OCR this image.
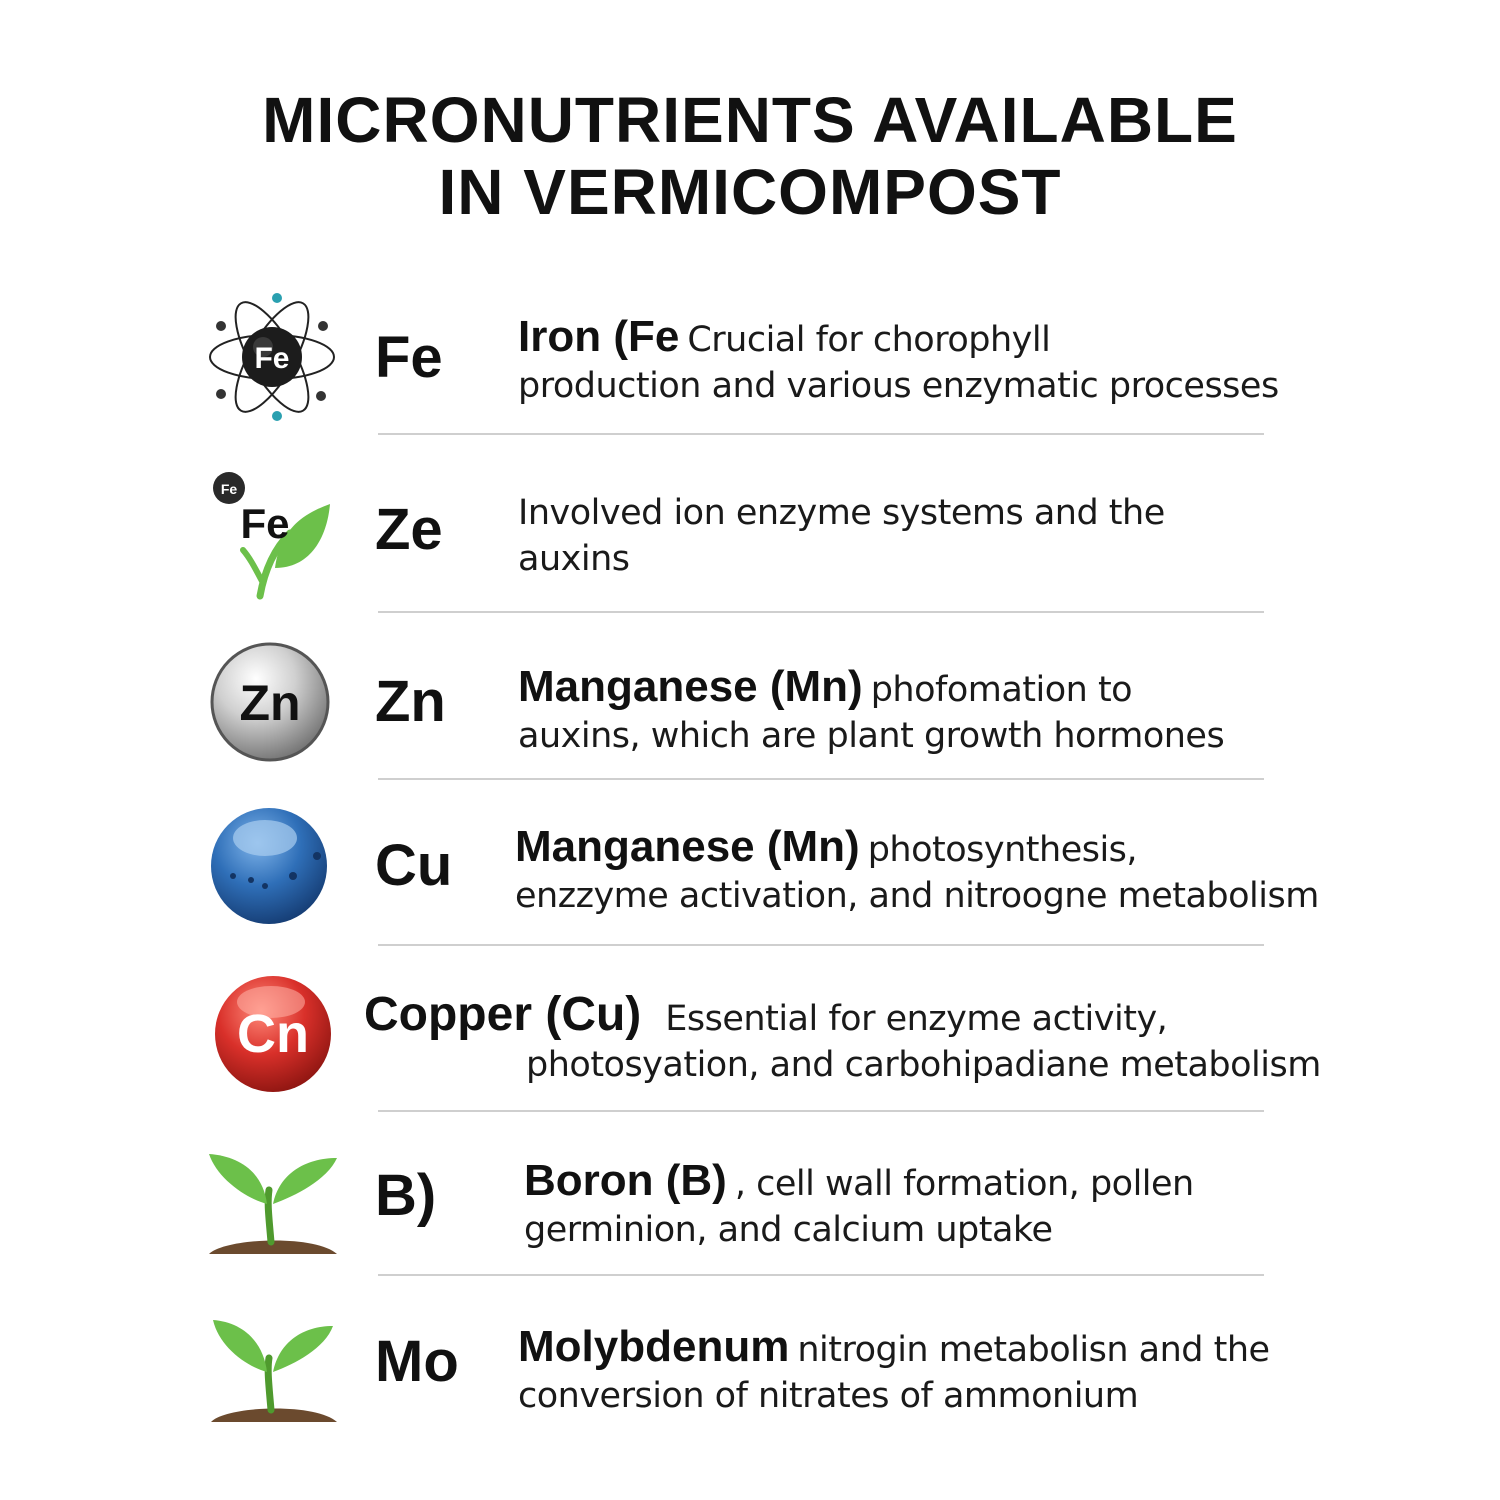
MICRONUTRIENTS AVAILABLE
IN VERMICOMPOST
Fe Fe Iron (Fe Crucial for chorophyll
production and various enzymatic processes
Fe
Fe Ze Involved ion enzyme systems and the
auxins
Zn Zn Manganese (Mn) phofomation to
auxins, which are plant growth hormones
Cu Manganese (Mn) photosynthesis,
enzzyme activation, and nitroogne metabolism
Cn Copper (Cu) Essential for enzyme activity,
photosyation, and carbohipadiane metabolism
B) Boron (B) , cell wall formation, pollen
germinion, and calcium uptake
Mo Molybdenum nitrogin metabolisn and the
conversion of nitrates of ammonium
